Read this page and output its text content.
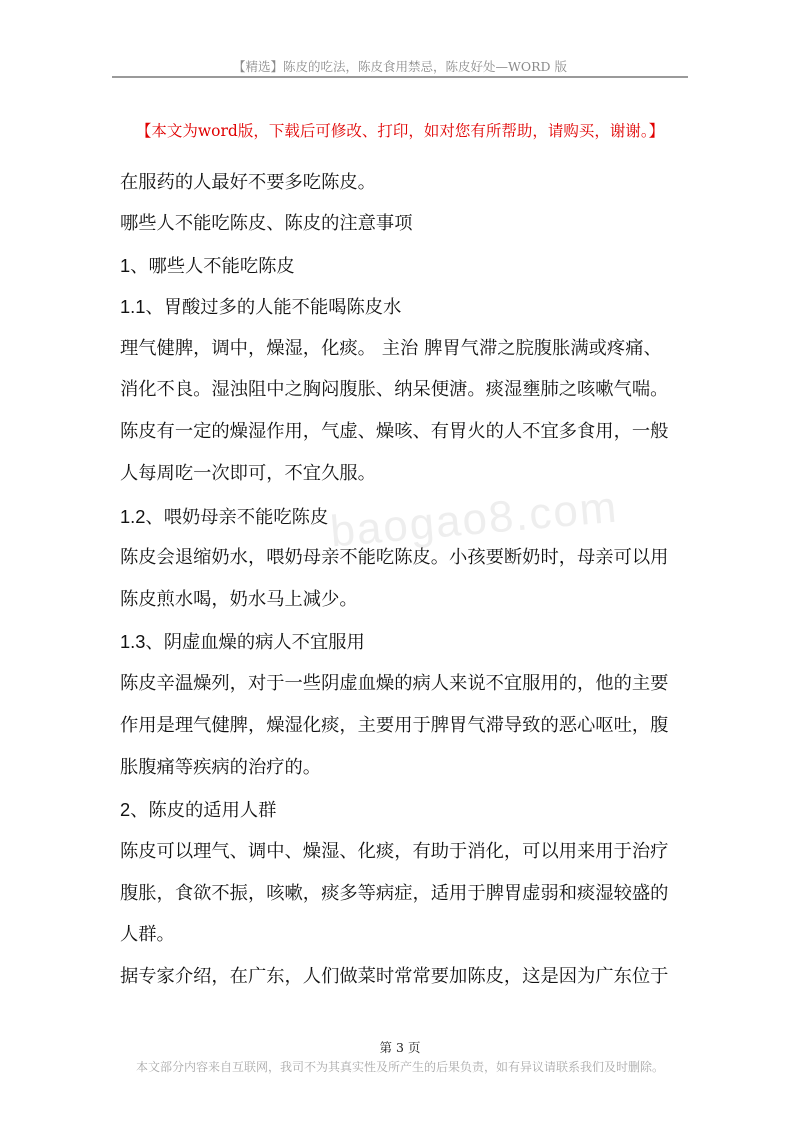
【精选】陈皮的吃法，陈皮食用禁忌，陈皮好处—WORD 版
【本文为word版，下载后可修改、打印，如对您有所帮助，请购买，谢谢。】
baogao8.com
在服药的人最好不要多吃陈皮。
哪些人不能吃陈皮、陈皮的注意事项
1、哪些人不能吃陈皮
1.1、胃酸过多的人能不能喝陈皮水
理气健脾，调中，燥湿，化痰。 主治 脾胃气滞之脘腹胀满或疼痛、
消化不良。湿浊阻中之胸闷腹胀、纳呆便溏。痰湿壅肺之咳嗽气喘。
陈皮有一定的燥湿作用，气虚、燥咳、有胃火的人不宜多食用，一般
人每周吃一次即可，不宜久服。
1.2、喂奶母亲不能吃陈皮
陈皮会退缩奶水，喂奶母亲不能吃陈皮。小孩要断奶时，母亲可以用
陈皮煎水喝，奶水马上减少。
1.3、阴虚血燥的病人不宜服用
陈皮辛温燥列，对于一些阴虚血燥的病人来说不宜服用的，他的主要
作用是理气健脾，燥湿化痰，主要用于脾胃气滞导致的恶心呕吐，腹
胀腹痛等疾病的治疗的。
2、陈皮的适用人群
陈皮可以理气、调中、燥湿、化痰，有助于消化，可以用来用于治疗
腹胀，食欲不振，咳嗽，痰多等病症，适用于脾胃虚弱和痰湿较盛的
人群。
据专家介绍，在广东，人们做菜时常常要加陈皮，这是因为广东位于
第 3 页
本文部分内容来自互联网，我司不为其真实性及所产生的后果负责，如有异议请联系我们及时删除。
